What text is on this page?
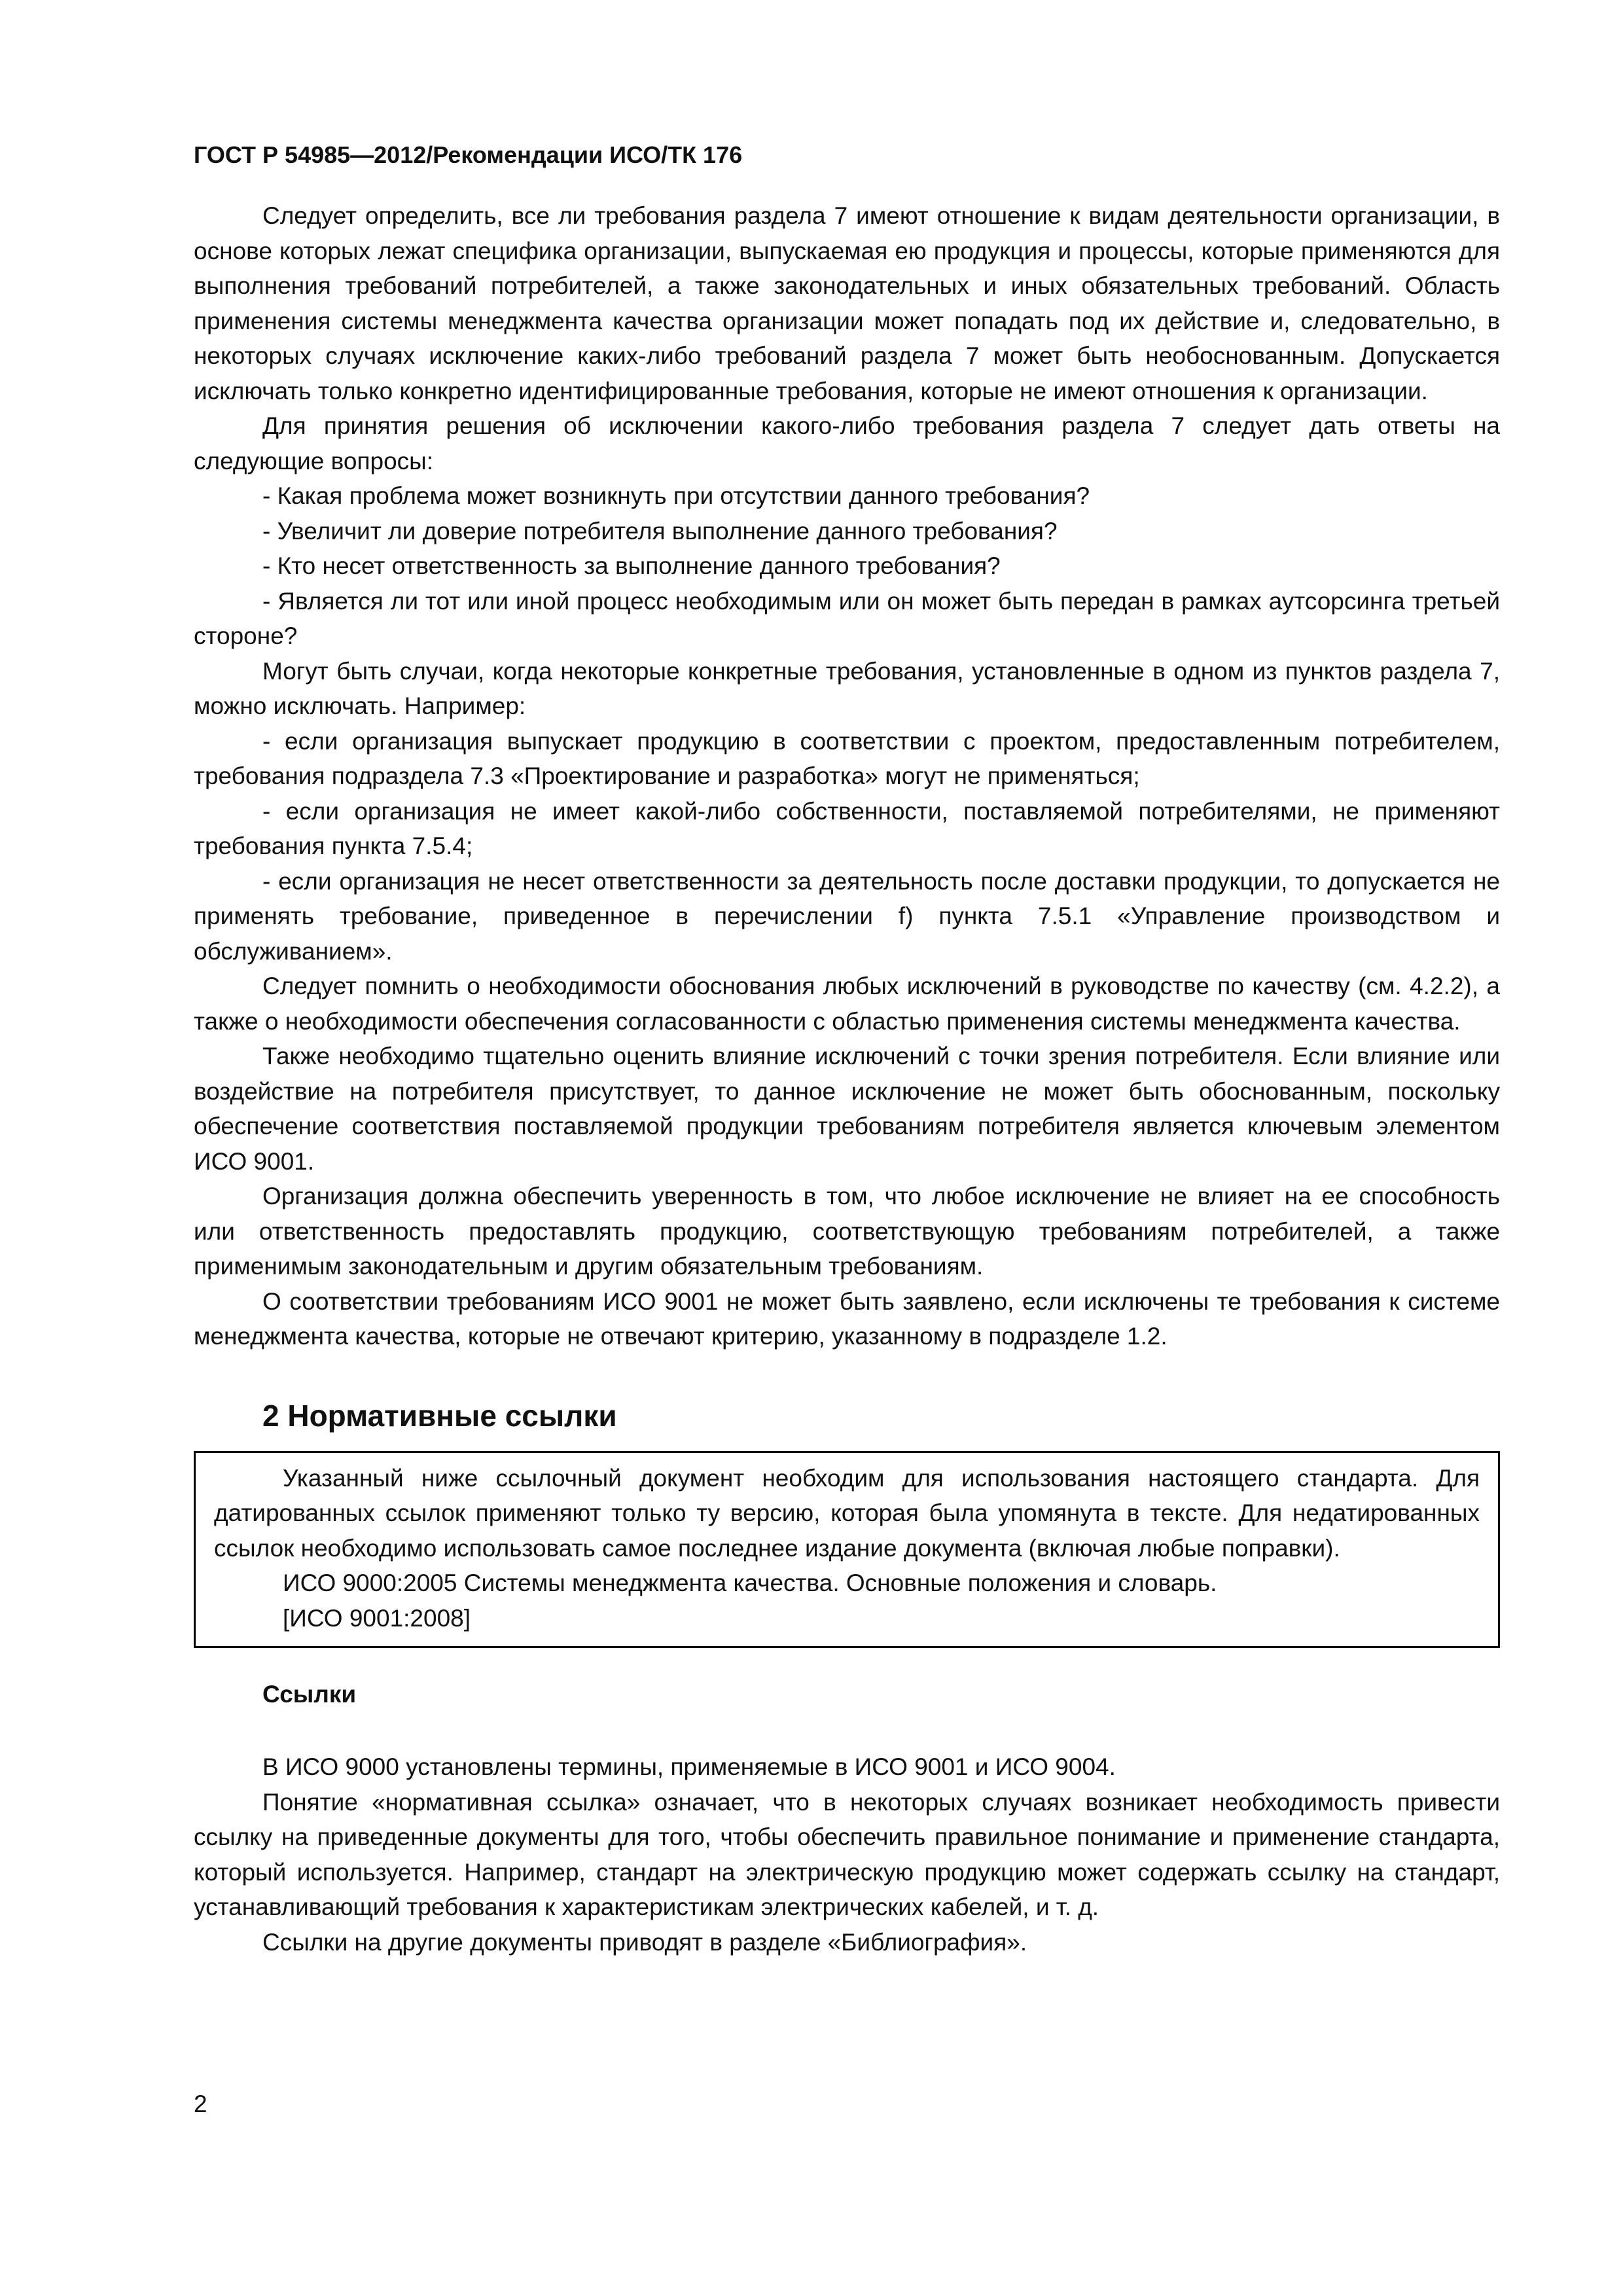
ГОСТ Р 54985—2012/Рекомендации ИСО/ТК 176

Следует определить, все ли требования раздела 7 имеют отношение к видам деятельности организации, в основе которых лежат специфика организации, выпускаемая ею продукция и процессы, которые применяются для выполнения требований потребителей, а также законодательных и иных обязательных требований. Область применения системы менеджмента качества организации может попадать под их действие и, следовательно, в некоторых случаях исключение каких-либо требований раздела 7 может быть необоснованным. Допускается исключать только конкретно идентифицированные требования, которые не имеют отношения к организации.

Для принятия решения об исключении какого-либо требования раздела 7 следует дать ответы на следующие вопросы:

- Какая проблема может возникнуть при отсутствии данного требования?

- Увеличит ли доверие потребителя выполнение данного требования?

- Кто несет ответственность за выполнение данного требования?

- Является ли тот или иной процесс необходимым или он может быть передан в рамках аутсорсинга третьей стороне?

Могут быть случаи, когда некоторые конкретные требования, установленные в одном из пунктов раздела 7, можно исключать. Например:

- если организация выпускает продукцию в соответствии с проектом, предоставленным потребителем, требования подраздела 7.3 «Проектирование и разработка» могут не применяться;

- если организация не имеет какой-либо собственности, поставляемой потребителями, не применяют требования пункта 7.5.4;

- если организация не несет ответственности за деятельность после доставки продукции, то допускается не применять требование, приведенное в перечислении f) пункта 7.5.1 «Управление производством и обслуживанием».

Следует помнить о необходимости обоснования любых исключений в руководстве по качеству (см. 4.2.2), а также о необходимости обеспечения согласованности с областью применения системы менеджмента качества.

Также необходимо тщательно оценить влияние исключений с точки зрения потребителя. Если влияние или воздействие на потребителя присутствует, то данное исключение не может быть обоснованным, поскольку обеспечение соответствия поставляемой продукции требованиям потребителя является ключевым элементом ИСО 9001.

Организация должна обеспечить уверенность в том, что любое исключение не влияет на ее способность или ответственность предоставлять продукцию, соответствующую требованиям потребителей, а также применимым законодательным и другим обязательным требованиям.

О соответствии требованиям ИСО 9001 не может быть заявлено, если исключены те требования к системе менеджмента качества, которые не отвечают критерию, указанному в подразделе 1.2.

2 Нормативные ссылки

Указанный ниже ссылочный документ необходим для использования настоящего стандарта. Для датированных ссылок применяют только ту версию, которая была упомянута в тексте. Для недатированных ссылок необходимо использовать самое последнее издание документа (включая любые поправки).

ИСО 9000:2005 Системы менеджмента качества. Основные положения и словарь.

[ИСО 9001:2008]

Ссылки

В ИСО 9000 установлены термины, применяемые в ИСО 9001 и ИСО 9004.

Понятие «нормативная ссылка» означает, что в некоторых случаях возникает необходимость привести ссылку на приведенные документы для того, чтобы обеспечить правильное понимание и применение стандарта, который используется. Например, стандарт на электрическую продукцию может содержать ссылку на стандарт, устанавливающий требования к характеристикам электрических кабелей, и т. д.

Ссылки на другие документы приводят в разделе «Библиография».

2
